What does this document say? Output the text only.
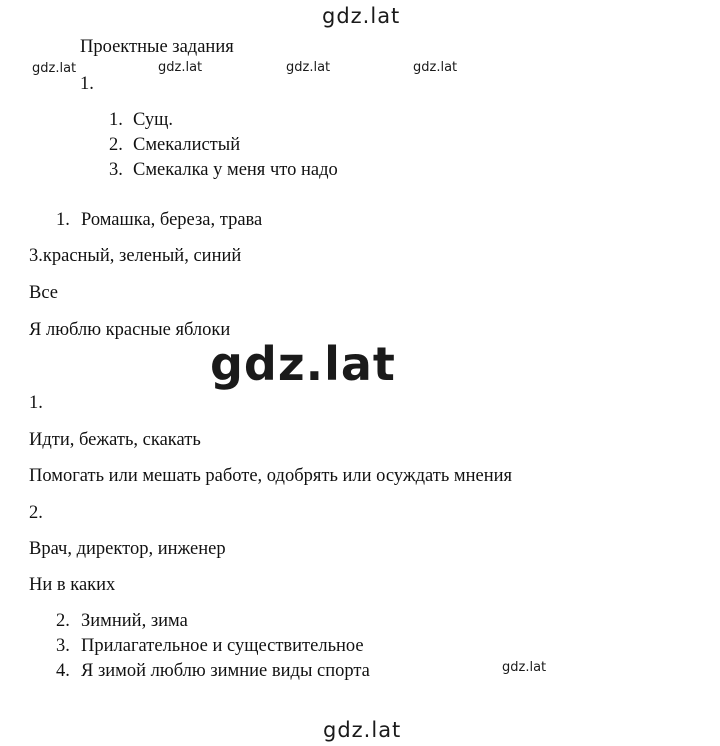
gdz.lat
gdz.lat	gdz.lat	gdz.lat	gdz.lat
gdz.lat
gdz.lat
gdz.lat
Проектные задания
1.
1. Сущ.
2. Смекалистый
3. Смекалка у меня что надо
1. Ромашка, береза, трава
3.красный, зеленый, синий
Все
Я люблю красные яблоки
1.
Идти, бежать, скакать
Помогать или мешать работе, одобрять или осуждать мнения
2.
Врач, директор, инженер
Ни в каких
2. Зимний, зима
3. Прилагательное и существительное
4. Я зимой люблю зимние виды спорта
